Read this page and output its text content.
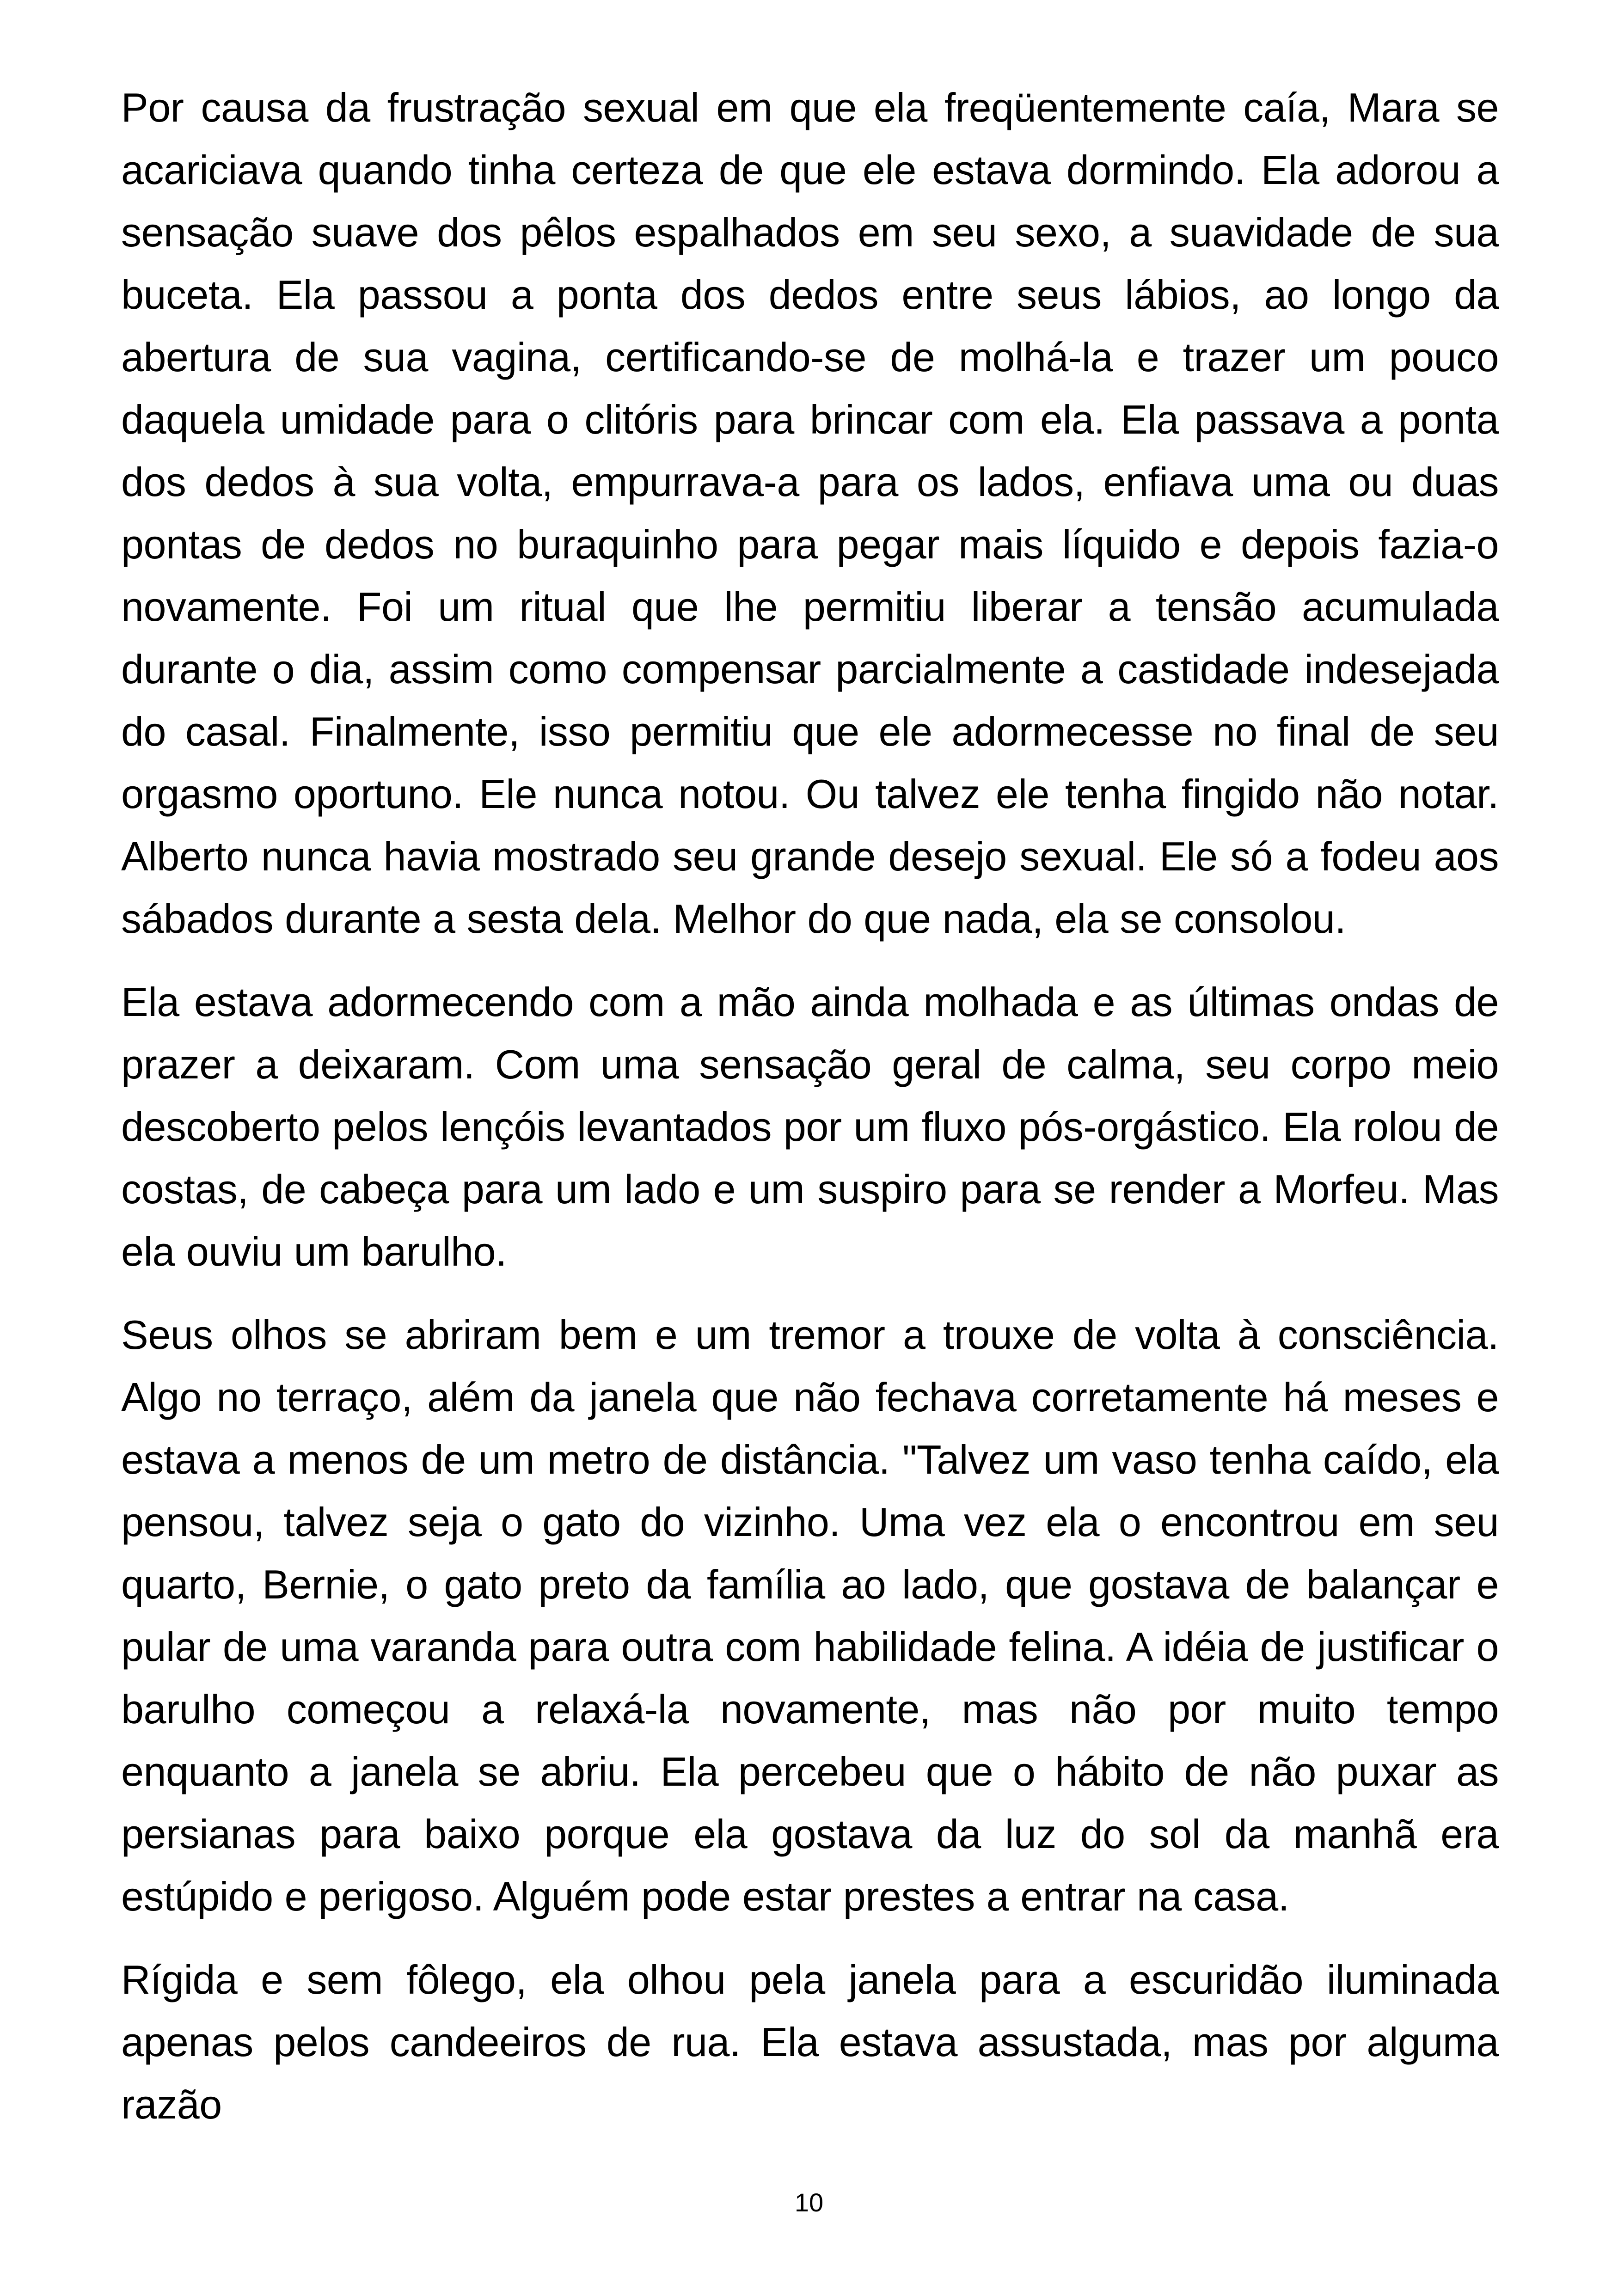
Por causa da frustração sexual em que ela freqüentemente caía, Mara se acariciava quando tinha certeza de que ele estava dormindo. Ela adorou a sensação suave dos pêlos espalhados em seu sexo, a suavidade de sua buceta. Ela passou a ponta dos dedos entre seus lábios, ao longo da abertura de sua vagina, certificando-se de molhá-la e trazer um pouco daquela umidade para o clitóris para brincar com ela. Ela passava a ponta dos dedos à sua volta, empurrava-a para os lados, enfiava uma ou duas pontas de dedos no buraquinho para pegar mais líquido e depois fazia-o novamente. Foi um ritual que lhe permitiu liberar a tensão acumulada durante o dia, assim como compensar parcialmente a castidade indesejada do casal. Finalmente, isso permitiu que ele adormecesse no final de seu orgasmo oportuno. Ele nunca notou. Ou talvez ele tenha fingido não notar. Alberto nunca havia mostrado seu grande desejo sexual. Ele só a fodeu aos sábados durante a sesta dela. Melhor do que nada, ela se consolou.

Ela estava adormecendo com a mão ainda molhada e as últimas ondas de prazer a deixaram. Com uma sensação geral de calma, seu corpo meio descoberto pelos lençóis levantados por um fluxo pós-orgástico. Ela rolou de costas, de cabeça para um lado e um suspiro para se render a Morfeu. Mas ela ouviu um barulho.

Seus olhos se abriram bem e um tremor a trouxe de volta à consciência. Algo no terraço, além da janela que não fechava corretamente há meses e estava a menos de um metro de distância. "Talvez um vaso tenha caído, ela pensou, talvez seja o gato do vizinho. Uma vez ela o encontrou em seu quarto, Bernie, o gato preto da família ao lado, que gostava de balançar e pular de uma varanda para outra com habilidade felina. A idéia de justificar o barulho começou a relaxá-la novamente, mas não por muito tempo enquanto a janela se abriu. Ela percebeu que o hábito de não puxar as persianas para baixo porque ela gostava da luz do sol da manhã era estúpido e perigoso. Alguém pode estar prestes a entrar na casa.

Rígida e sem fôlego, ela olhou pela janela para a escuridão iluminada apenas pelos candeeiros de rua. Ela estava assustada, mas por alguma razão

10
